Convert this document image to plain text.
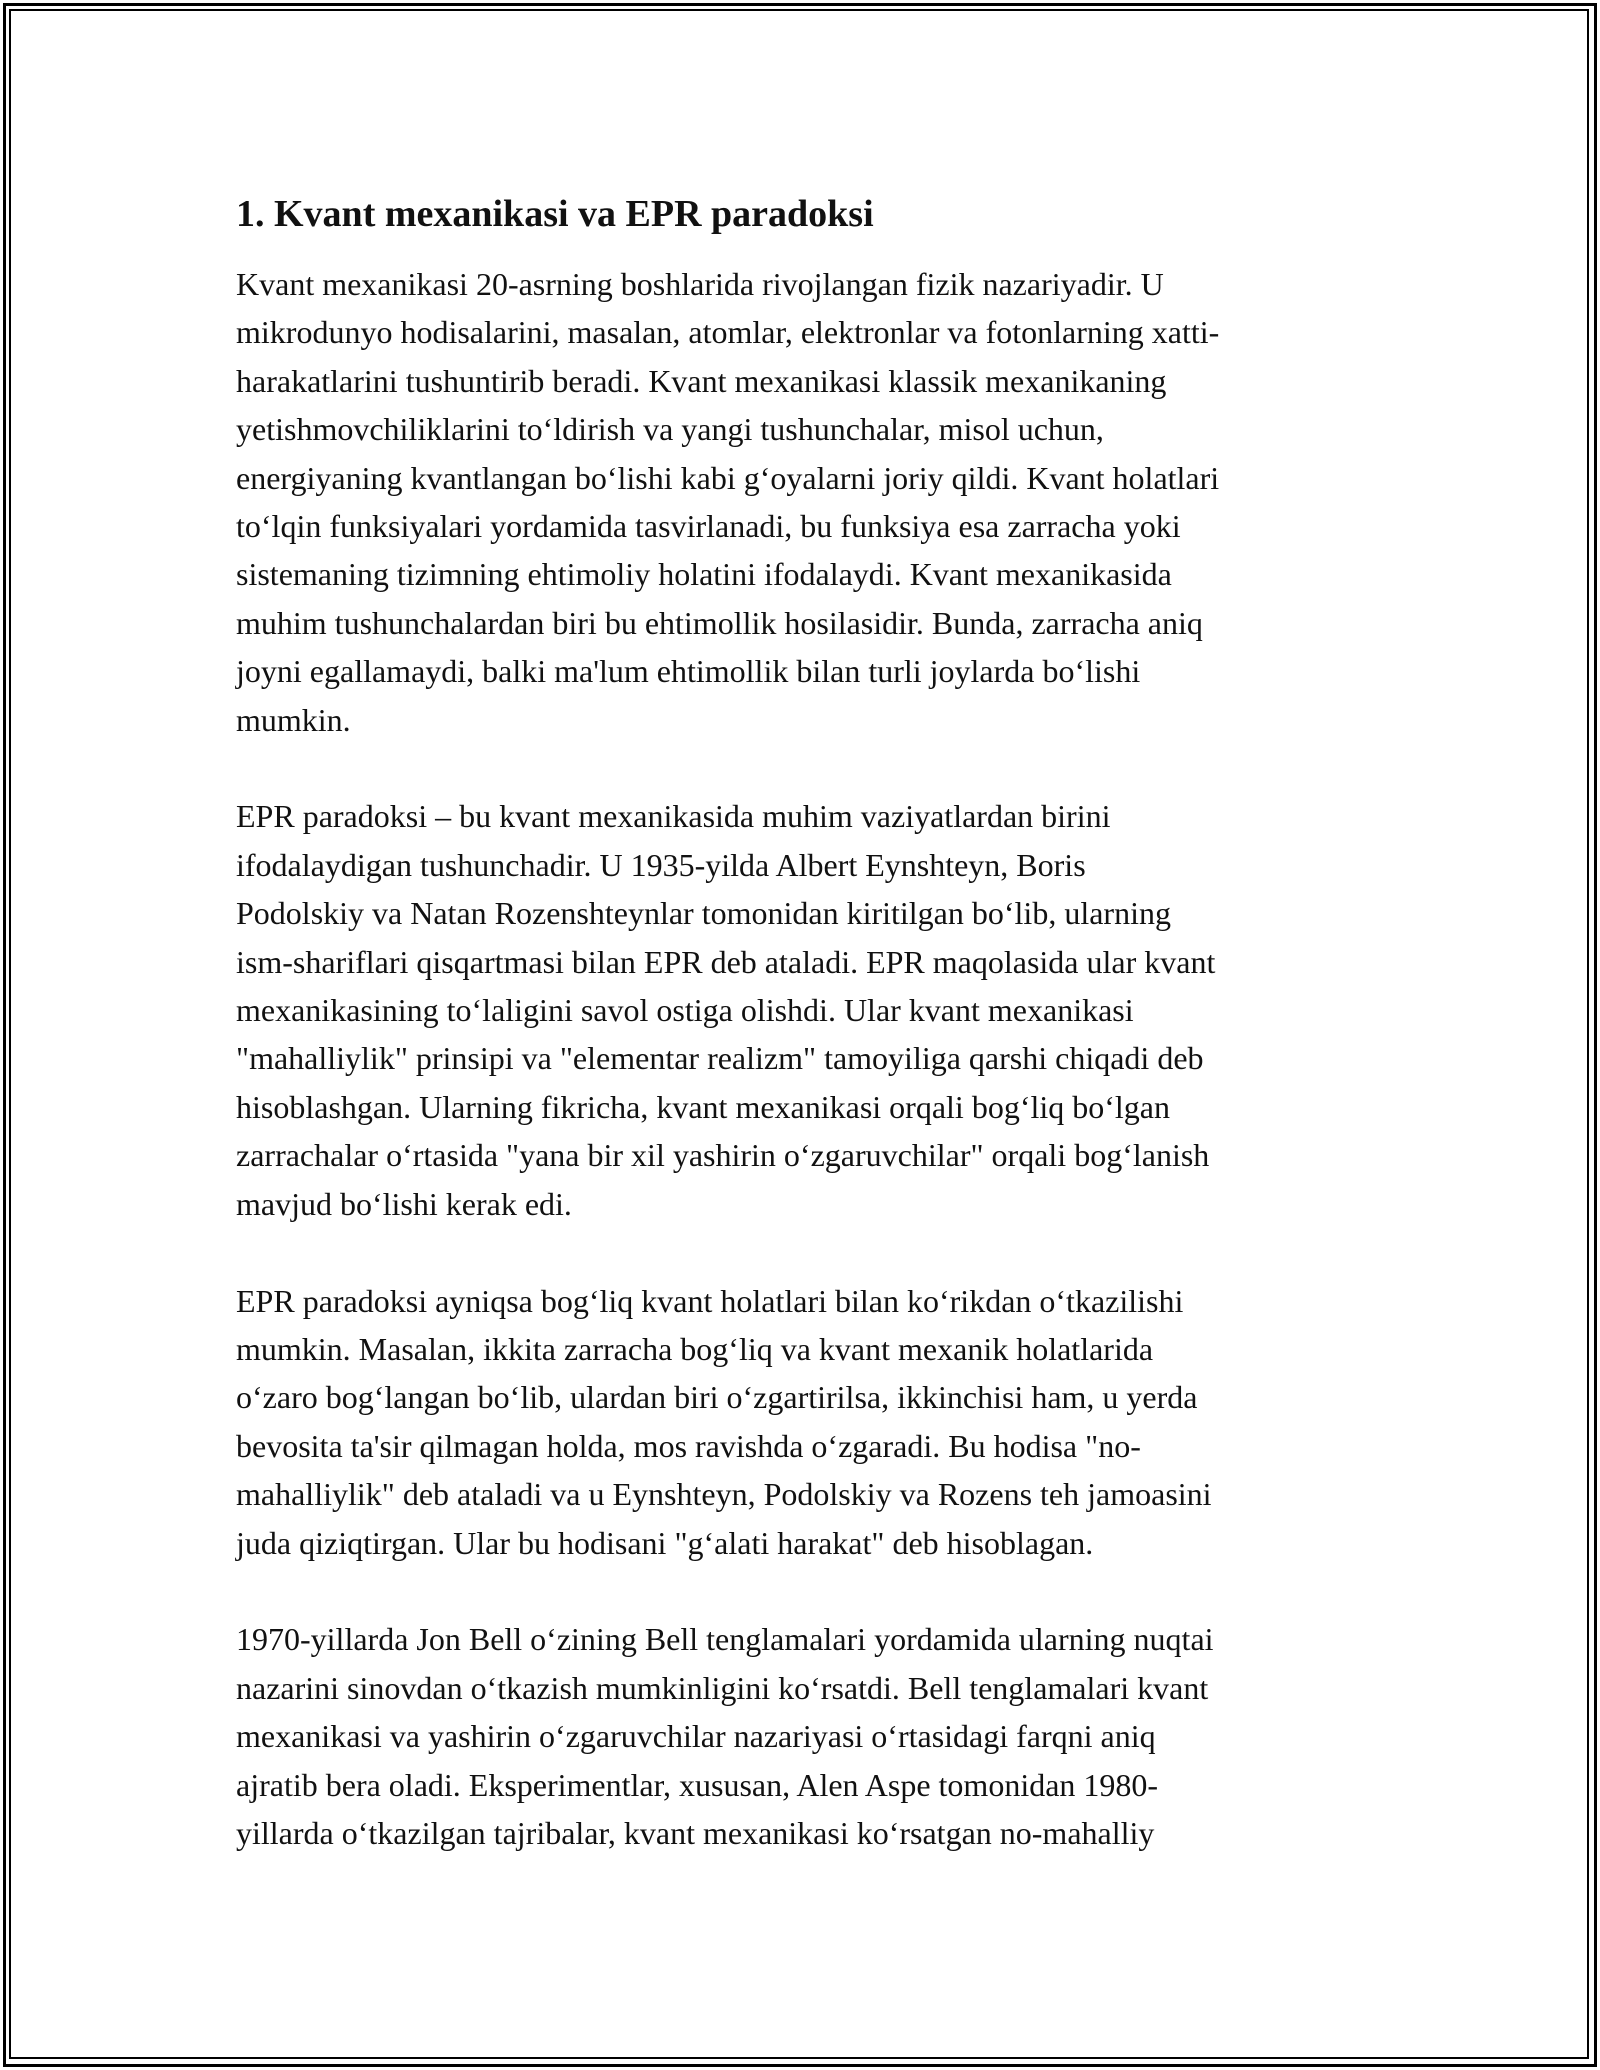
1. Kvant mexanikasi va EPR paradoksi
Kvant mexanikasi 20-asrning boshlarida rivojlangan fizik nazariyadir. U
mikrodunyo hodisalarini, masalan, atomlar, elektronlar va fotonlarning xatti-
harakatlarini tushuntirib beradi. Kvant mexanikasi klassik mexanikaning
yetishmovchiliklarini to‘ldirish va yangi tushunchalar, misol uchun,
energiyaning kvantlangan bo‘lishi kabi g‘oyalarni joriy qildi. Kvant holatlari
to‘lqin funksiyalari yordamida tasvirlanadi, bu funksiya esa zarracha yoki
sistemaning tizimning ehtimoliy holatini ifodalaydi. Kvant mexanikasida
muhim tushunchalardan biri bu ehtimollik hosilasidir. Bunda, zarracha aniq
joyni egallamaydi, balki ma'lum ehtimollik bilan turli joylarda bo‘lishi
mumkin.
EPR paradoksi – bu kvant mexanikasida muhim vaziyatlardan birini
ifodalaydigan tushunchadir. U 1935-yilda Albert Eynshteyn, Boris
Podolskiy va Natan Rozenshteynlar tomonidan kiritilgan bo‘lib, ularning
ism-shariflari qisqartmasi bilan EPR deb ataladi. EPR maqolasida ular kvant
mexanikasining to‘laligini savol ostiga olishdi. Ular kvant mexanikasi
"mahalliylik" prinsipi va "elementar realizm" tamoyiliga qarshi chiqadi deb
hisoblashgan. Ularning fikricha, kvant mexanikasi orqali bog‘liq bo‘lgan
zarrachalar o‘rtasida "yana bir xil yashirin o‘zgaruvchilar" orqali bog‘lanish
mavjud bo‘lishi kerak edi.
EPR paradoksi ayniqsa bog‘liq kvant holatlari bilan ko‘rikdan o‘tkazilishi
mumkin. Masalan, ikkita zarracha bog‘liq va kvant mexanik holatlarida
o‘zaro bog‘langan bo‘lib, ulardan biri o‘zgartirilsa, ikkinchisi ham, u yerda
bevosita ta'sir qilmagan holda, mos ravishda o‘zgaradi. Bu hodisa "no-
mahalliylik" deb ataladi va u Eynshteyn, Podolskiy va Rozens teh jamoasini
juda qiziqtirgan. Ular bu hodisani "g‘alati harakat" deb hisoblagan.
1970-yillarda Jon Bell o‘zining Bell tenglamalari yordamida ularning nuqtai
nazarini sinovdan o‘tkazish mumkinligini ko‘rsatdi. Bell tenglamalari kvant
mexanikasi va yashirin o‘zgaruvchilar nazariyasi o‘rtasidagi farqni aniq
ajratib bera oladi. Eksperimentlar, xususan, Alen Aspe tomonidan 1980-
yillarda o‘tkazilgan tajribalar, kvant mexanikasi ko‘rsatgan no-mahalliy
